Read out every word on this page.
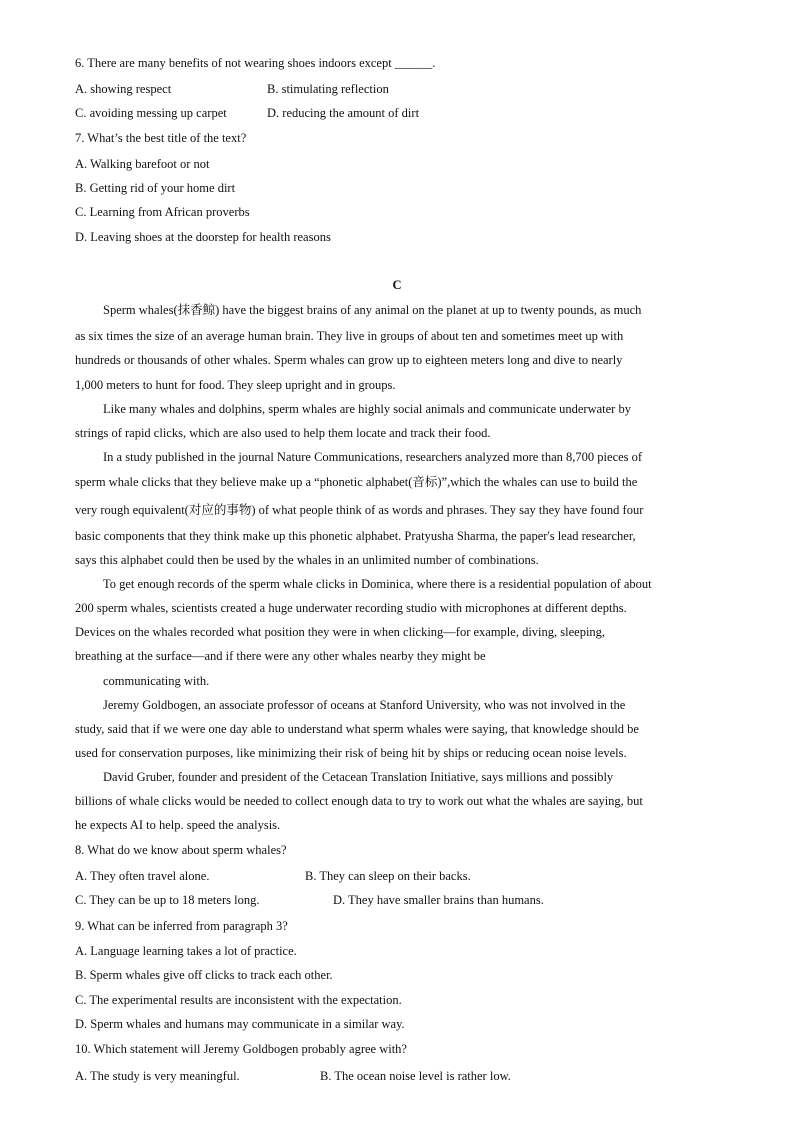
6. There are many benefits of not wearing shoes indoors except ______.
A. showing respect	B. stimulating reflection
C. avoiding messing up carpet	D. reducing the amount of dirt
7. What’s the best title of the text?
A. Walking barefoot or not
B. Getting rid of your home dirt
C. Learning from African proverbs
D. Leaving shoes at the doorstep for health reasons
C
Sperm whales(抹香鲸) have the biggest brains of any animal on the planet at up to twenty pounds, as much
as six times the size of an average human brain. They live in groups of about ten and sometimes meet up with
hundreds or thousands of other whales. Sperm whales can grow up to eighteen meters long and dive to nearly
1,000 meters to hunt for food. They sleep upright and in groups.
Like many whales and dolphins, sperm whales are highly social animals and communicate underwater by
strings of rapid clicks, which are also used to help them locate and track their food.
In a study published in the journal Nature Communications, researchers analyzed more than 8,700 pieces of
sperm whale clicks that they believe make up a “phonetic alphabet(音标)”,which the whales can use to build the
very rough equivalent(对应的事物) of what people think of as words and phrases. They say they have found four
basic components that they think make up this phonetic alphabet. Pratyusha Sharma, the paper's lead researcher,
says this alphabet could then be used by the whales in an unlimited number of combinations.
To get enough records of the sperm whale clicks in Dominica, where there is a residential population of about
200 sperm whales, scientists created a huge underwater recording studio with microphones at different depths.
Devices on the whales recorded what position they were in when clicking—for example, diving, sleeping,
breathing at the surface—and if there were any other whales nearby they might be
communicating with.
Jeremy Goldbogen, an associate professor of oceans at Stanford University, who was not involved in the
study, said that if we were one day able to understand what sperm whales were saying, that knowledge should be
used for conservation purposes, like minimizing their risk of being hit by ships or reducing ocean noise levels.
David Gruber, founder and president of the Cetacean Translation Initiative, says millions and possibly
billions of whale clicks would be needed to collect enough data to try to work out what the whales are saying, but
he expects AI to help. speed the analysis.
8. What do we know about sperm whales?
A. They often travel alone.	B. They can sleep on their backs.
C. They can be up to 18 meters long.	D. They have smaller brains than humans.
9. What can be inferred from paragraph 3?
A. Language learning takes a lot of practice.
B. Sperm whales give off clicks to track each other.
C. The experimental results are inconsistent with the expectation.
D. Sperm whales and humans may communicate in a similar way.
10. Which statement will Jeremy Goldbogen probably agree with?
A. The study is very meaningful.	B. The ocean noise level is rather low.
